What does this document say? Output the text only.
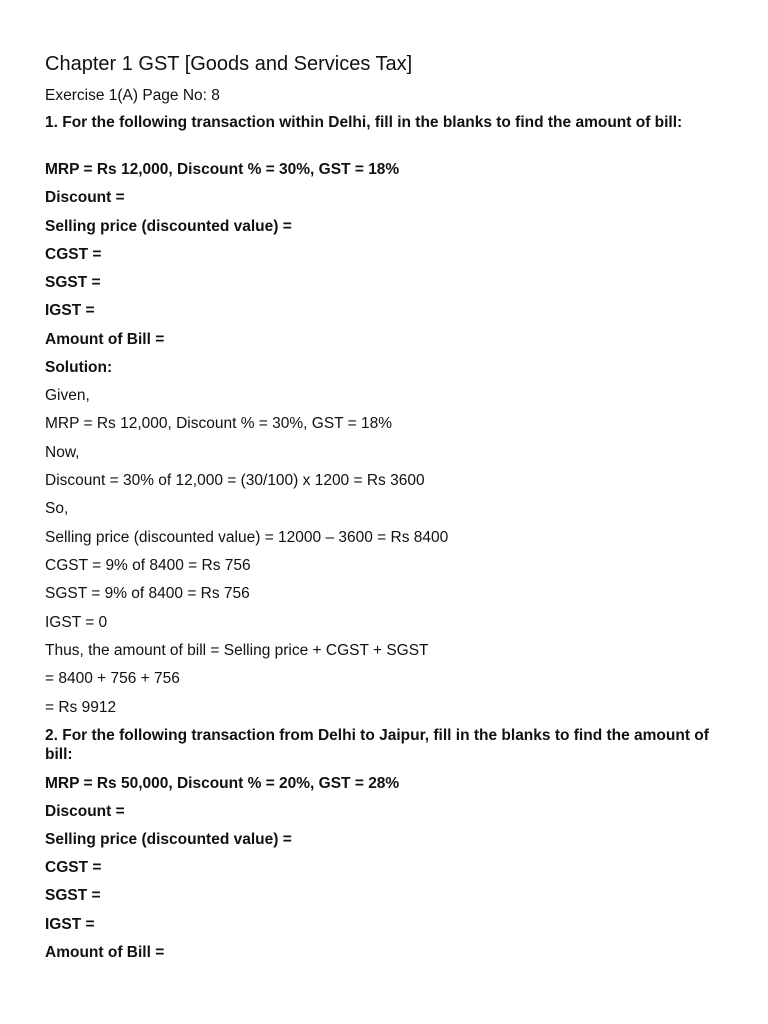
Chapter 1 GST [Goods and Services Tax]

Exercise 1(A) Page No: 8

1. For the following transaction within Delhi, fill in the blanks to find the amount of bill:

MRP = Rs 12,000, Discount % = 30%, GST = 18%

Discount =

Selling price (discounted value) =

CGST =

SGST =

IGST =

Amount of Bill =

Solution:

Given,

MRP = Rs 12,000, Discount % = 30%, GST = 18%

Now,

Discount = 30% of 12,000 = (30/100) x 1200 = Rs 3600

So,

Selling price (discounted value) = 12000 – 3600 = Rs 8400

CGST = 9% of 8400 = Rs 756

SGST = 9% of 8400 = Rs 756

IGST = 0

Thus, the amount of bill = Selling price + CGST + SGST

= 8400 + 756 + 756

= Rs 9912

2. For the following transaction from Delhi to Jaipur, fill in the blanks to find the amount of bill:

MRP = Rs 50,000, Discount % = 20%, GST = 28%

Discount =

Selling price (discounted value) =

CGST =

SGST =

IGST =

Amount of Bill =
